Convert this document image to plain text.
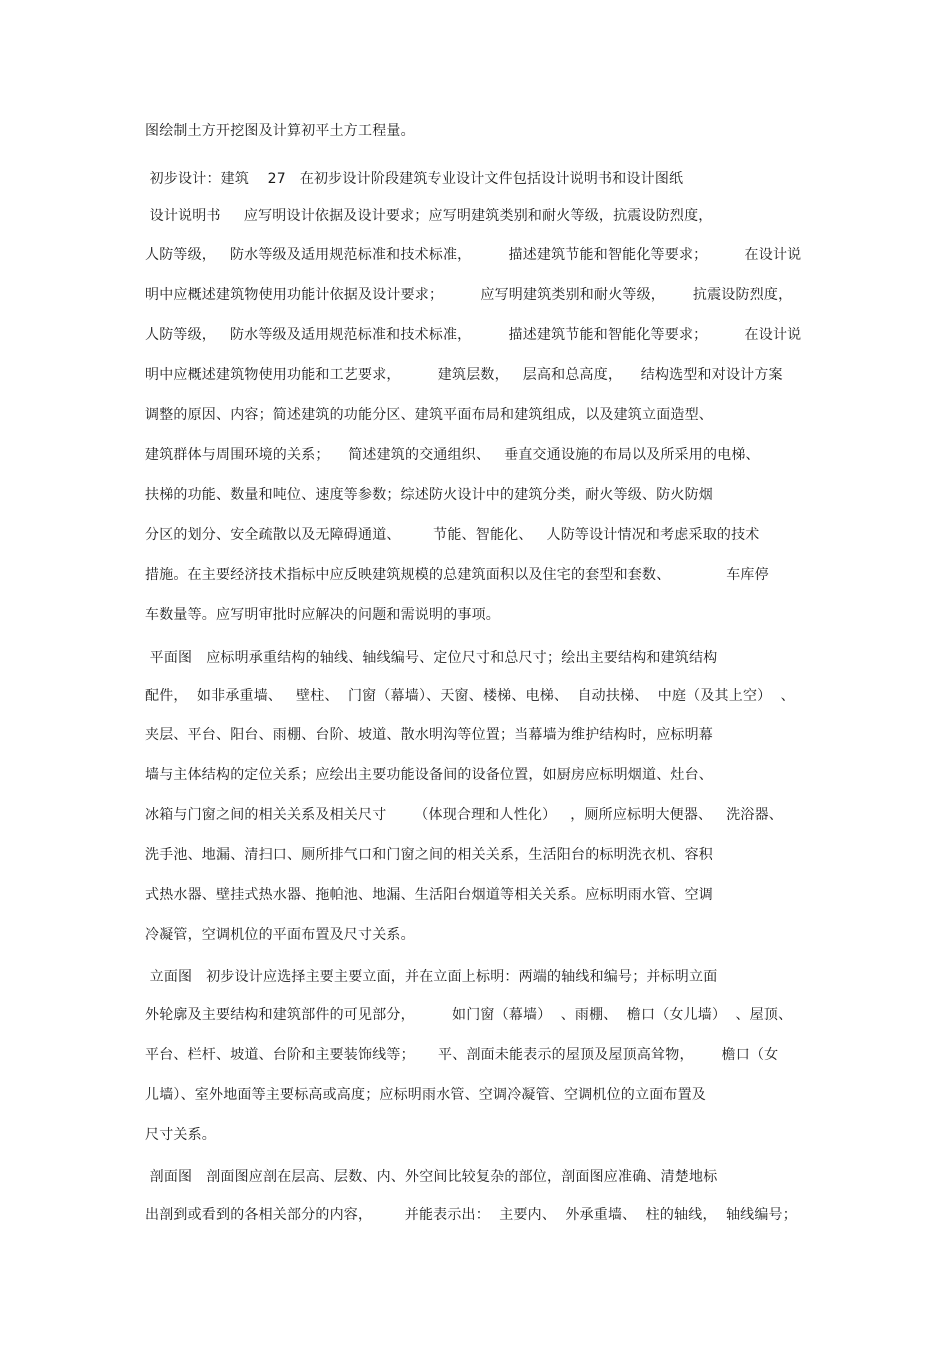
图绘制土方开挖图及计算初平土方工程量。
初步设计：建筑    27   在初步设计阶段建筑专业设计文件包括设计说明书和设计图纸
设计说明书     应写明设计依据及设计要求；应写明建筑类别和耐火等级，抗震设防烈度，
人防等级，   防水等级及适用规范标准和技术标准，        描述建筑节能和智能化等要求；        在设计说
明中应概述建筑物使用功能计依据及设计要求；        应写明建筑类别和耐火等级，      抗震设防烈度，
人防等级，   防水等级及适用规范标准和技术标准，        描述建筑节能和智能化等要求；        在设计说
明中应概述建筑物使用功能和工艺要求，        建筑层数，   层高和总高度，    结构选型和对设计方案
调整的原因、内容；简述建筑的功能分区、建筑平面布局和建筑组成，以及建筑立面造型、
建筑群体与周围环境的关系；    简述建筑的交通组织、   垂直交通设施的布局以及所采用的电梯、
扶梯的功能、数量和吨位、速度等参数；综述防火设计中的建筑分类，耐火等级、防火防烟
分区的划分、安全疏散以及无障碍通道、       节能、智能化、   人防等设计情况和考虑采取的技术
措施。在主要经济技术指标中应反映建筑规模的总建筑面积以及住宅的套型和套数、            车库停
车数量等。应写明审批时应解决的问题和需说明的事项。
平面图   应标明承重结构的轴线、轴线编号、定位尺寸和总尺寸；绘出主要结构和建筑结构
配件，  如非承重墙、   壁柱、  门窗（幕墙）、天窗、楼梯、电梯、  自动扶梯、  中庭（及其上空）  、
夹层、平台、阳台、雨棚、台阶、坡道、散水明沟等位置；当幕墙为维护结构时，应标明幕
墙与主体结构的定位关系；应绘出主要功能设备间的设备位置，如厨房应标明烟道、灶台、
冰箱与门窗之间的相关关系及相关尺寸      （体现合理和人性化）   ，厕所应标明大便器、   洗浴器、
洗手池、地漏、清扫口、厕所排气口和门窗之间的相关关系，生活阳台的标明洗衣机、容积
式热水器、壁挂式热水器、拖帕池、地漏、生活阳台烟道等相关关系。应标明雨水管、空调
冷凝管，空调机位的平面布置及尺寸关系。
立面图   初步设计应选择主要主要立面，并在立面上标明：两端的轴线和编号；并标明立面
外轮廓及主要结构和建筑部件的可见部分，        如门窗（幕墙）  、雨棚、  檐口（女儿墙）  、屋顶、
平台、栏杆、坡道、台阶和主要装饰线等；     平、剖面未能表示的屋顶及屋顶高耸物，      檐口（女
儿墙）、室外地面等主要标高或高度；应标明雨水管、空调冷凝管、空调机位的立面布置及
尺寸关系。
剖面图   剖面图应剖在层高、层数、内、外空间比较复杂的部位，剖面图应准确、清楚地标
出剖到或看到的各相关部分的内容，       并能表示出：  主要内、  外承重墙、  柱的轴线，  轴线编号；
